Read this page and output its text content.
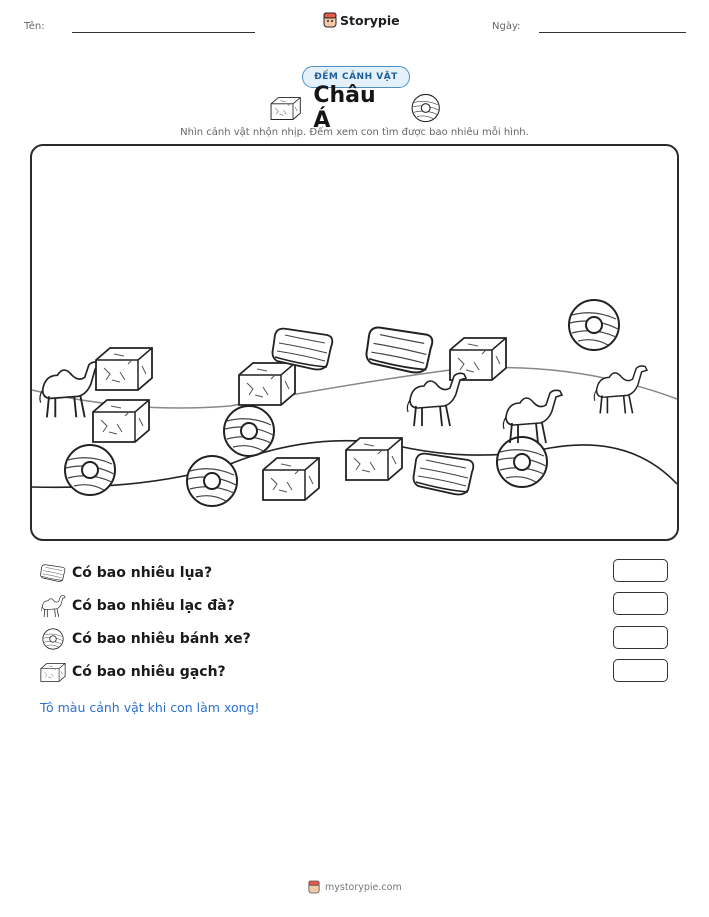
Tên:	Storypie	Ngày:
ĐẾM CẢNH VẬT
Châu Á
Nhìn cảnh vật nhộn nhịp. Đếm xem con tìm được bao nhiêu mỗi hình.
Có bao nhiêu lụa?
Có bao nhiêu lạc đà?
Có bao nhiêu bánh xe?
Có bao nhiêu gạch?
Tô màu cảnh vật khi con làm xong!
mystorypie.com
